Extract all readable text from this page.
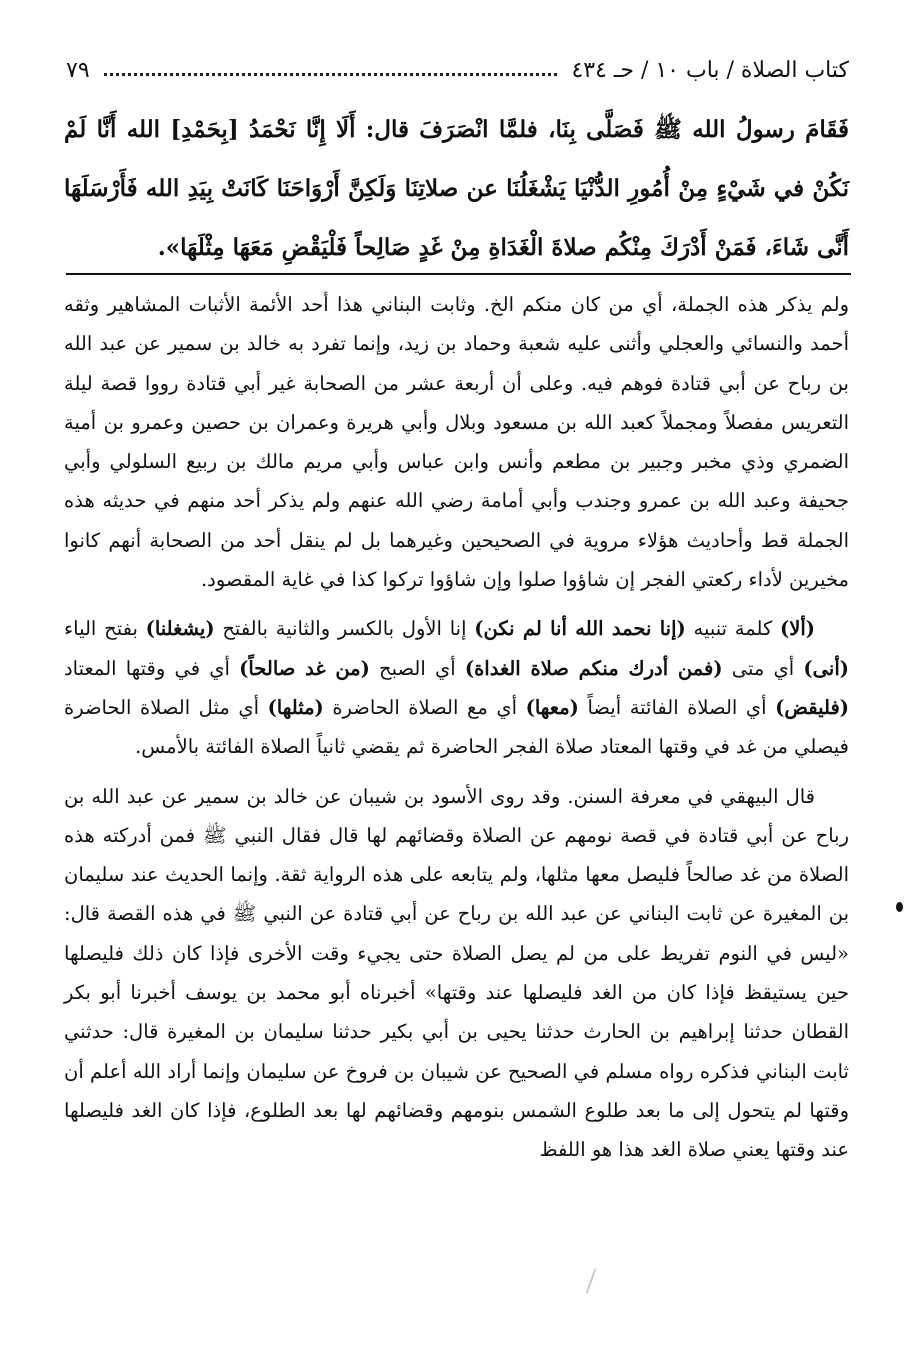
كتاب الصلاة / باب ١٠ / حـ ٤٣٤
٧٩
فَقَامَ رسولُ الله ﷺ فَصَلَّى بِنَا، فلمَّا انْصَرَفَ قال: أَلَا إِنَّا نَحْمَدُ [بِحَمْدِ] الله أَنَّا لَمْ نَكُنْ في شَيْءٍ مِنْ أُمُورِ الدُّنْيَا يَشْغَلُنَا عن صلاتِنَا وَلَكِنَّ أَرْوَاحَنَا كَانَتْ بِيَدِ الله فَأَرْسَلَهَا أَنَّى شَاءَ، فَمَنْ أَدْرَكَ مِنْكُم صلاةَ الْغَدَاةِ مِنْ غَدٍ صَالِحاً فَلْيَقْضِ مَعَهَا مِثْلَهَا».

ولم يذكر هذه الجملة، أي من كان منكم الخ. وثابت البناني هذا أحد الأئمة الأثبات المشاهير وثقه أحمد والنسائي والعجلي وأثنى عليه شعبة وحماد بن زيد، وإنما تفرد به خالد بن سمير عن عبد الله بن رباح عن أبي قتادة فوهم فيه. وعلى أن أربعة عشر من الصحابة غير أبي قتادة رووا قصة ليلة التعريس مفصلاً ومجملاً كعبد الله بن مسعود وبلال وأبي هريرة وعمران بن حصين وعمرو بن أمية الضمري وذي مخبر وجبير بن مطعم وأنس وابن عباس وأبي مريم مالك بن ربيع السلولي وأبي جحيفة وعبد الله بن عمرو وجندب وأبي أمامة رضي الله عنهم ولم يذكر أحد منهم في حديثه هذه الجملة قط وأحاديث هؤلاء مروية في الصحيحين وغيرهما بل لم ينقل أحد من الصحابة أنهم كانوا مخيرين لأداء ركعتي الفجر إن شاؤوا صلوا وإن شاؤوا تركوا كذا في غاية المقصود.

(ألا) كلمة تنبيه (إنا نحمد الله أنا لم نكن) إنا الأول بالكسر والثانية بالفتح (يشغلنا) بفتح الياء (أنى) أي متى (فمن أدرك منكم صلاة الغداة) أي الصبح (من غد صالحاً) أي في وقتها المعتاد (فليقض) أي الصلاة الفائتة أيضاً (معها) أي مع الصلاة الحاضرة (مثلها) أي مثل الصلاة الحاضرة فيصلي من غد في وقتها المعتاد صلاة الفجر الحاضرة ثم يقضي ثانياً الصلاة الفائتة بالأمس.

قال البيهقي في معرفة السنن. وقد روى الأسود بن شيبان عن خالد بن سمير عن عبد الله بن رباح عن أبي قتادة في قصة نومهم عن الصلاة وقضائهم لها قال فقال النبي ﷺ فمن أدركته هذه الصلاة من غد صالحاً فليصل معها مثلها، ولم يتابعه على هذه الرواية ثقة. وإنما الحديث عند سليمان بن المغيرة عن ثابت البناني عن عبد الله بن رباح عن أبي قتادة عن النبي ﷺ في هذه القصة قال: «ليس في النوم تفريط على من لم يصل الصلاة حتى يجيء وقت الأخرى فإذا كان ذلك فليصلها حين يستيقظ فإذا كان من الغد فليصلها عند وقتها» أخبرناه أبو محمد بن يوسف أخبرنا أبو بكر القطان حدثنا إبراهيم بن الحارث حدثنا يحيى بن أبي بكير حدثنا سليمان بن المغيرة قال: حدثني ثابت البناني فذكره رواه مسلم في الصحيح عن شيبان بن فروخ عن سليمان وإنما أراد الله أعلم أن وقتها لم يتحول إلى ما بعد طلوع الشمس بنومهم وقضائهم لها بعد الطلوع، فإذا كان الغد فليصلها عند وقتها يعني صلاة الغد هذا هو اللفظ
